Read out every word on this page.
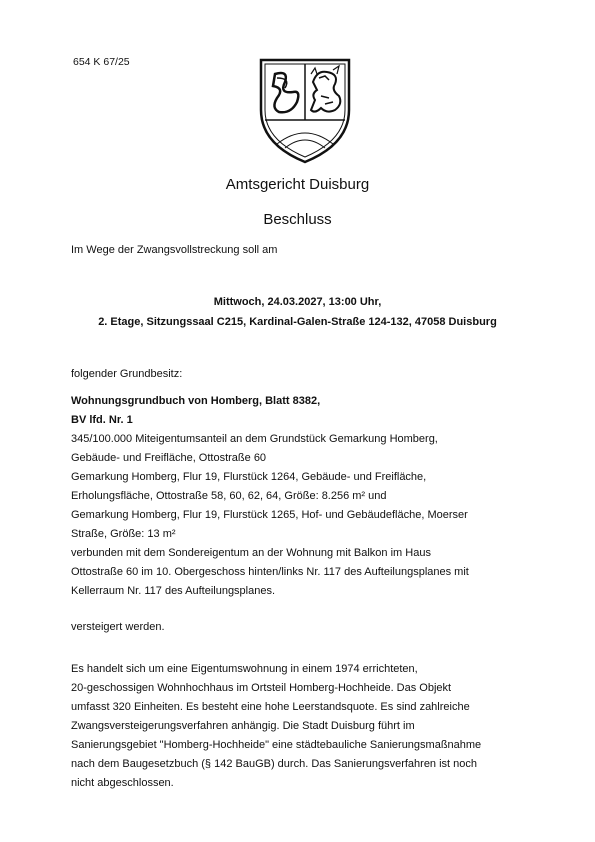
654 K 67/25
Amtsgericht Duisburg
Beschluss
Im Wege der Zwangsvollstreckung soll am
Mittwoch, 24.03.2027, 13:00 Uhr,
2. Etage, Sitzungssaal C215, Kardinal-Galen-Straße 124-132, 47058 Duisburg
folgender Grundbesitz:
Wohnungsgrundbuch von Homberg, Blatt 8382,
BV lfd. Nr. 1
345/100.000 Miteigentumsanteil an dem Grundstück Gemarkung Homberg,
Gebäude- und Freifläche, Ottostraße 60
Gemarkung Homberg, Flur 19, Flurstück 1264, Gebäude- und Freifläche,
Erholungsfläche, Ottostraße 58, 60, 62, 64, Größe: 8.256 m² und
Gemarkung Homberg, Flur 19, Flurstück 1265, Hof- und Gebäudefläche, Moerser
Straße, Größe: 13 m²
verbunden mit dem Sondereigentum an der Wohnung mit Balkon im Haus
Ottostraße 60 im 10. Obergeschoss hinten/links Nr. 117 des Aufteilungsplanes mit
Kellerraum Nr. 117 des Aufteilungsplanes.
versteigert werden.
Es handelt sich um eine Eigentumswohnung in einem 1974 errichteten,
20-geschossigen Wohnhochhaus im Ortsteil Homberg-Hochheide. Das Objekt
umfasst 320 Einheiten. Es besteht eine hohe Leerstandsquote. Es sind zahlreiche
Zwangsversteigerungsverfahren anhängig. Die Stadt Duisburg führt im
Sanierungsgebiet "Homberg-Hochheide" eine städtebauliche Sanierungsmaßnahme
nach dem Baugesetzbuch (§ 142 BauGB) durch. Das Sanierungsverfahren ist noch
nicht abgeschlossen.
